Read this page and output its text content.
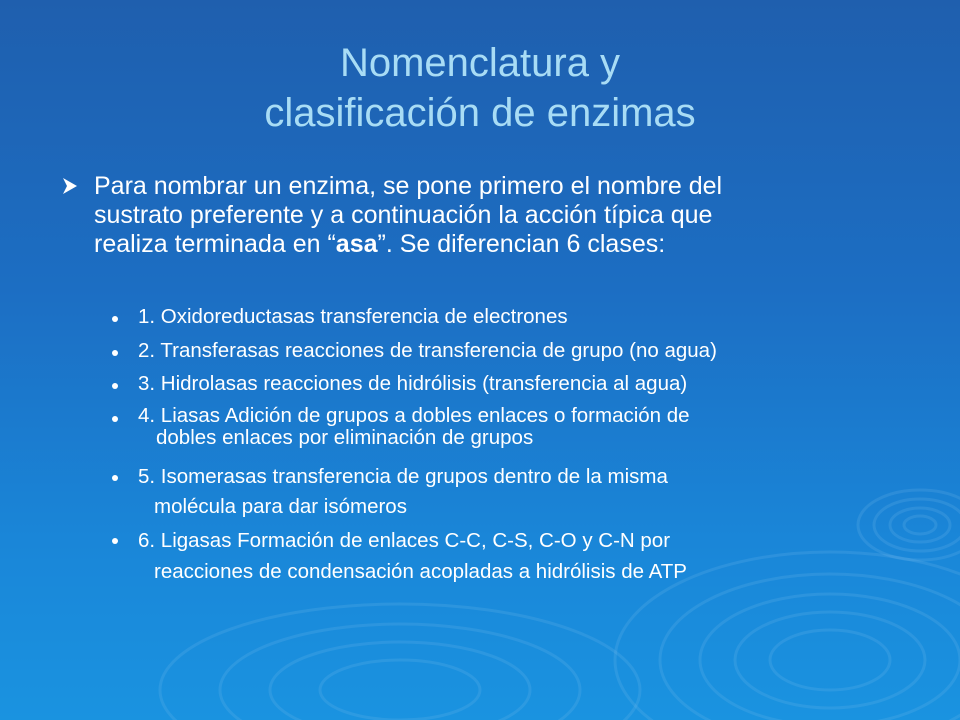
Nomenclatura y
clasificación de enzimas
Para nombrar un enzima, se pone primero el nombre del
sustrato preferente y a continuación la acción típica que
realiza terminada en “asa”. Se diferencian 6 clases:
1. Oxidoreductasas transferencia de electrones
2. Transferasas reacciones de transferencia de grupo (no agua)
3. Hidrolasas reacciones de hidrólisis (transferencia al agua)
4. Liasas Adición de grupos a dobles enlaces o formación de
dobles enlaces por eliminación de grupos
5. Isomerasas transferencia de grupos dentro de la misma
molécula para dar isómeros
6. Ligasas Formación de enlaces C-C, C-S, C-O y C-N por
reacciones de condensación acopladas a hidrólisis de ATP
